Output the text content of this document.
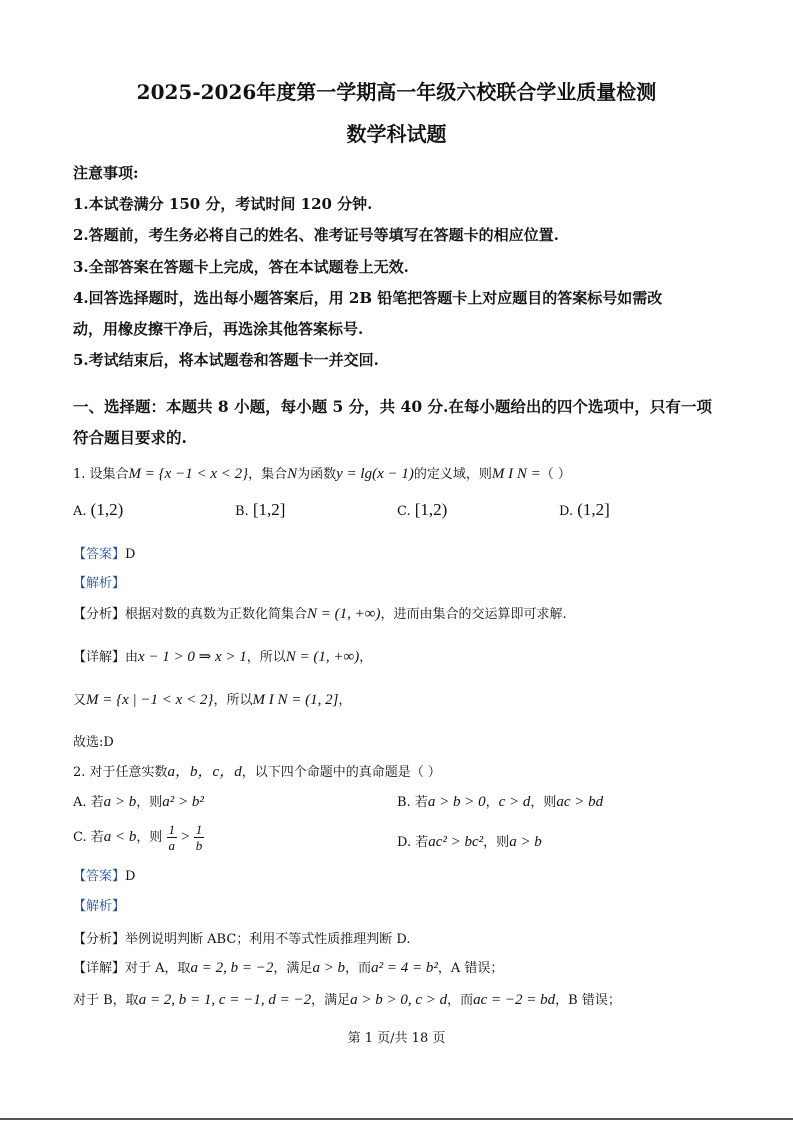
2025-2026年度第一学期高一年级六校联合学业质量检测
数学科试题
注意事项:
1.本试卷满分 150 分，考试时间 120 分钟.
2.答题前，考生务必将自己的姓名、准考证号等填写在答题卡的相应位置.
3.全部答案在答题卡上完成，答在本试题卷上无效.
4.回答选择题时，选出每小题答案后，用 2B 铅笔把答题卡上对应题目的答案标号如需改
动，用橡皮擦干净后，再选涂其他答案标号.
5.考试结束后，将本试题卷和答题卡一并交回.
一、选择题：本题共 8 小题，每小题 5 分，共 40 分.在每小题给出的四个选项中，只有一项
符合题目要求的.
1. 设集合M = {x −1 < x < 2}，集合N为函数y = lg(x − 1)的定义域，则M I N =（ ）
A. (1,2)	B. [1,2]	C. [1,2)	D. (1,2]
【答案】D
【解析】
【分析】根据对数的真数为正数化简集合N = (1, +∞)，进而由集合的交运算即可求解.
【详解】由x − 1 > 0 ⇒ x > 1，所以N = (1, +∞)，
又M = {x | −1 < x < 2}，所以M I N = (1, 2]，
故选:D
2. 对于任意实数a，b，c，d，以下四个命题中的真命题是（ ）
A. 若a > b，则a² > b²	B. 若a > b > 0，c > d，则ac > bd
C. 若a < b，则 $\frac{1}{a} > \frac{1}{b}$	D. 若ac² > bc²，则a > b
【答案】D
【解析】
【分析】举例说明判断 ABC；利用不等式性质推理判断 D.
【详解】对于 A，取a = 2, b = −2，满足a > b，而a² = 4 = b²，A 错误；
对于 B，取a = 2, b = 1, c = −1, d = −2，满足a > b > 0, c > d，而ac = −2 = bd，B 错误；
第 1 页/共 18 页
